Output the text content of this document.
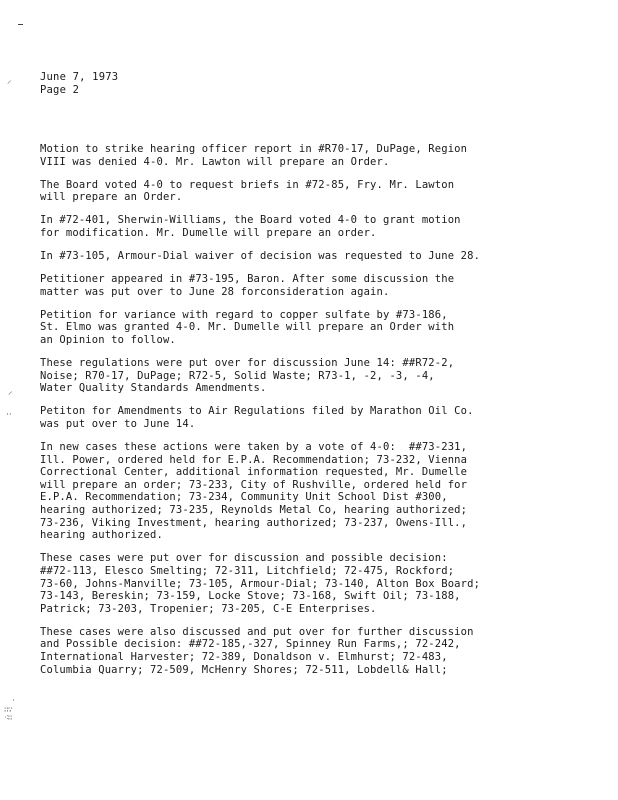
⸝
⸝
··
·
∷∵
⁖∷
June 7, 1973
Page 2

Motion to strike hearing officer report in #R70-17, DuPage, Region
VIII was denied 4-0. Mr. Lawton will prepare an Order.

The Board voted 4-0 to request briefs in #72-85, Fry. Mr. Lawton
will prepare an Order.

In #72-401, Sherwin-Williams, the Board voted 4-0 to grant motion
for modification. Mr. Dumelle will prepare an order.

In #73-105, Armour-Dial waiver of decision was requested to June 28.

Petitioner appeared in #73-195, Baron. After some discussion the
matter was put over to June 28 forconsideration again.

Petition for variance with regard to copper sulfate by #73-186,
St. Elmo was granted 4-0. Mr. Dumelle will prepare an Order with
an Opinion to follow.

These regulations were put over for discussion June 14: ##R72-2,
Noise; R70-17, DuPage; R72-5, Solid Waste; R73-1, -2, -3, -4,
Water Quality Standards Amendments.

Petiton for Amendments to Air Regulations filed by Marathon Oil Co.
was put over to June 14.

In new cases these actions were taken by a vote of 4-0:  ##73-231,
Ill. Power, ordered held for E.P.A. Recommendation; 73-232, Vienna
Correctional Center, additional information requested, Mr. Dumelle
will prepare an order; 73-233, City of Rushville, ordered held for
E.P.A. Recommendation; 73-234, Community Unit School Dist #300,
hearing authorized; 73-235, Reynolds Metal Co, hearing authorized;
73-236, Viking Investment, hearing authorized; 73-237, Owens-Ill.,
hearing authorized.

These cases were put over for discussion and possible decision:
##72-113, Elesco Smelting; 72-311, Litchfield; 72-475, Rockford;
73-60, Johns-Manville; 73-105, Armour-Dial; 73-140, Alton Box Board;
73-143, Bereskin; 73-159, Locke Stove; 73-168, Swift Oil; 73-188,
Patrick; 73-203, Tropenier; 73-205, C-E Enterprises.

These cases were also discussed and put over for further discussion
and Possible decision: ##72-185,-327, Spinney Run Farms,; 72-242,
International Harvester; 72-389, Donaldson v. Elmhurst; 72-483,
Columbia Quarry; 72-509, McHenry Shores; 72-511, Lobdell& Hall;
